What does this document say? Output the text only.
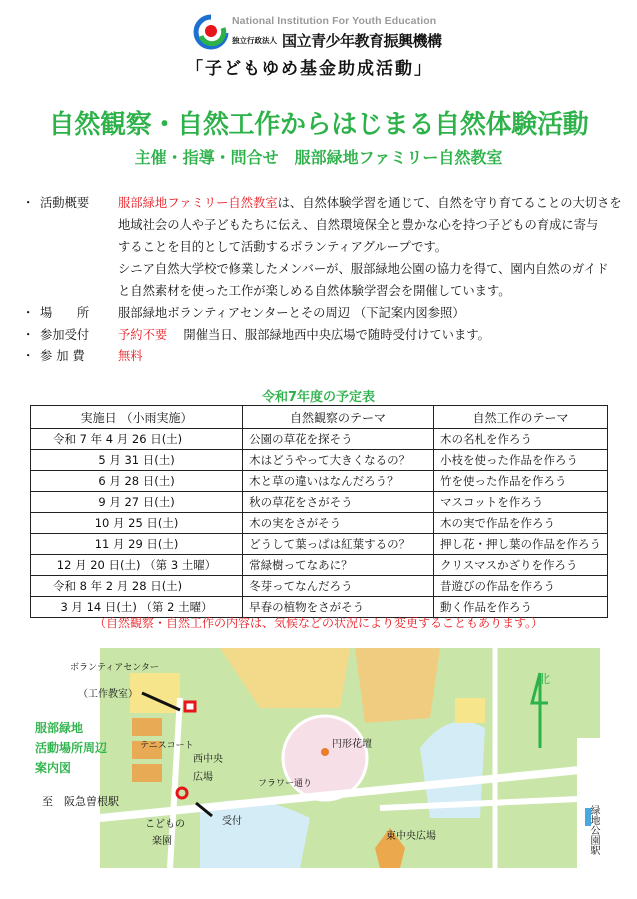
National Institution For Youth Education
独立行政法人 国立青少年教育振興機構
「子どもゆめ基金助成活動」
自然観察・自然工作からはじまる自然体験活動
主催・指導・問合せ　服部緑地ファミリー自然教室
・ 活動概要	服部緑地ファミリー自然教室は、自然体験学習を通じて、自然を守り育てることの大切さを
地域社会の人や子どもたちに伝え、自然環境保全と豊かな心を持つ子どもの育成に寄与
することを目的として活動するボランティアグループです。
シニア自然大学校で修業したメンバーが、服部緑地公園の協力を得て、園内自然のガイド
と自然素材を使った工作が楽しめる自然体験学習会を開催しています。
・ 場　　所	服部緑地ボランティアセンターとその周辺 （下記案内図参照）
・ 参加受付	予約不要　 開催当日、服部緑地西中央広場で随時受付けています。
・ 参 加 費	無料
令和7年度の予定表
実施日 （小雨実施）	自然観察のテーマ	自然工作のテーマ
令和 7 年 4 月 26 日(土)	公園の草花を探そう	木の名札を作ろう
5 月 31 日(土)	木はどうやって大きくなるの？	小枝を使った作品を作ろう
6 月 28 日(土)	木と草の違いはなんだろう？	竹を使った作品を作ろう
9 月 27 日(土)	秋の草花をさがそう	マスコットを作ろう
10 月 25 日(土)	木の実をさがそう	木の実で作品を作ろう
11 月 29 日(土)	どうして葉っぱは紅葉するの？	押し花・押し葉の作品を作ろう
12 月 20 日(土) （第 3 土曜）	常緑樹ってなあに？	クリスマスかざりを作ろう
令和 8 年 2 月 28 日(土)	冬芽ってなんだろう	昔遊びの作品を作ろう
3 月 14 日(土) （第 2 土曜）	早春の植物をさがそう	動く作品を作ろう
（自然観察・自然工作の内容は、気候などの状況により変更することもあります。）
ボランティアセンター
（工作教室）
服部緑地
活動場所周辺
案内図
テニスコート
西中央
広場
フラワー通り
円形花壇
北
至　阪急曽根駅
こどもの
楽園
受付
東中央広場	緑地公園駅
